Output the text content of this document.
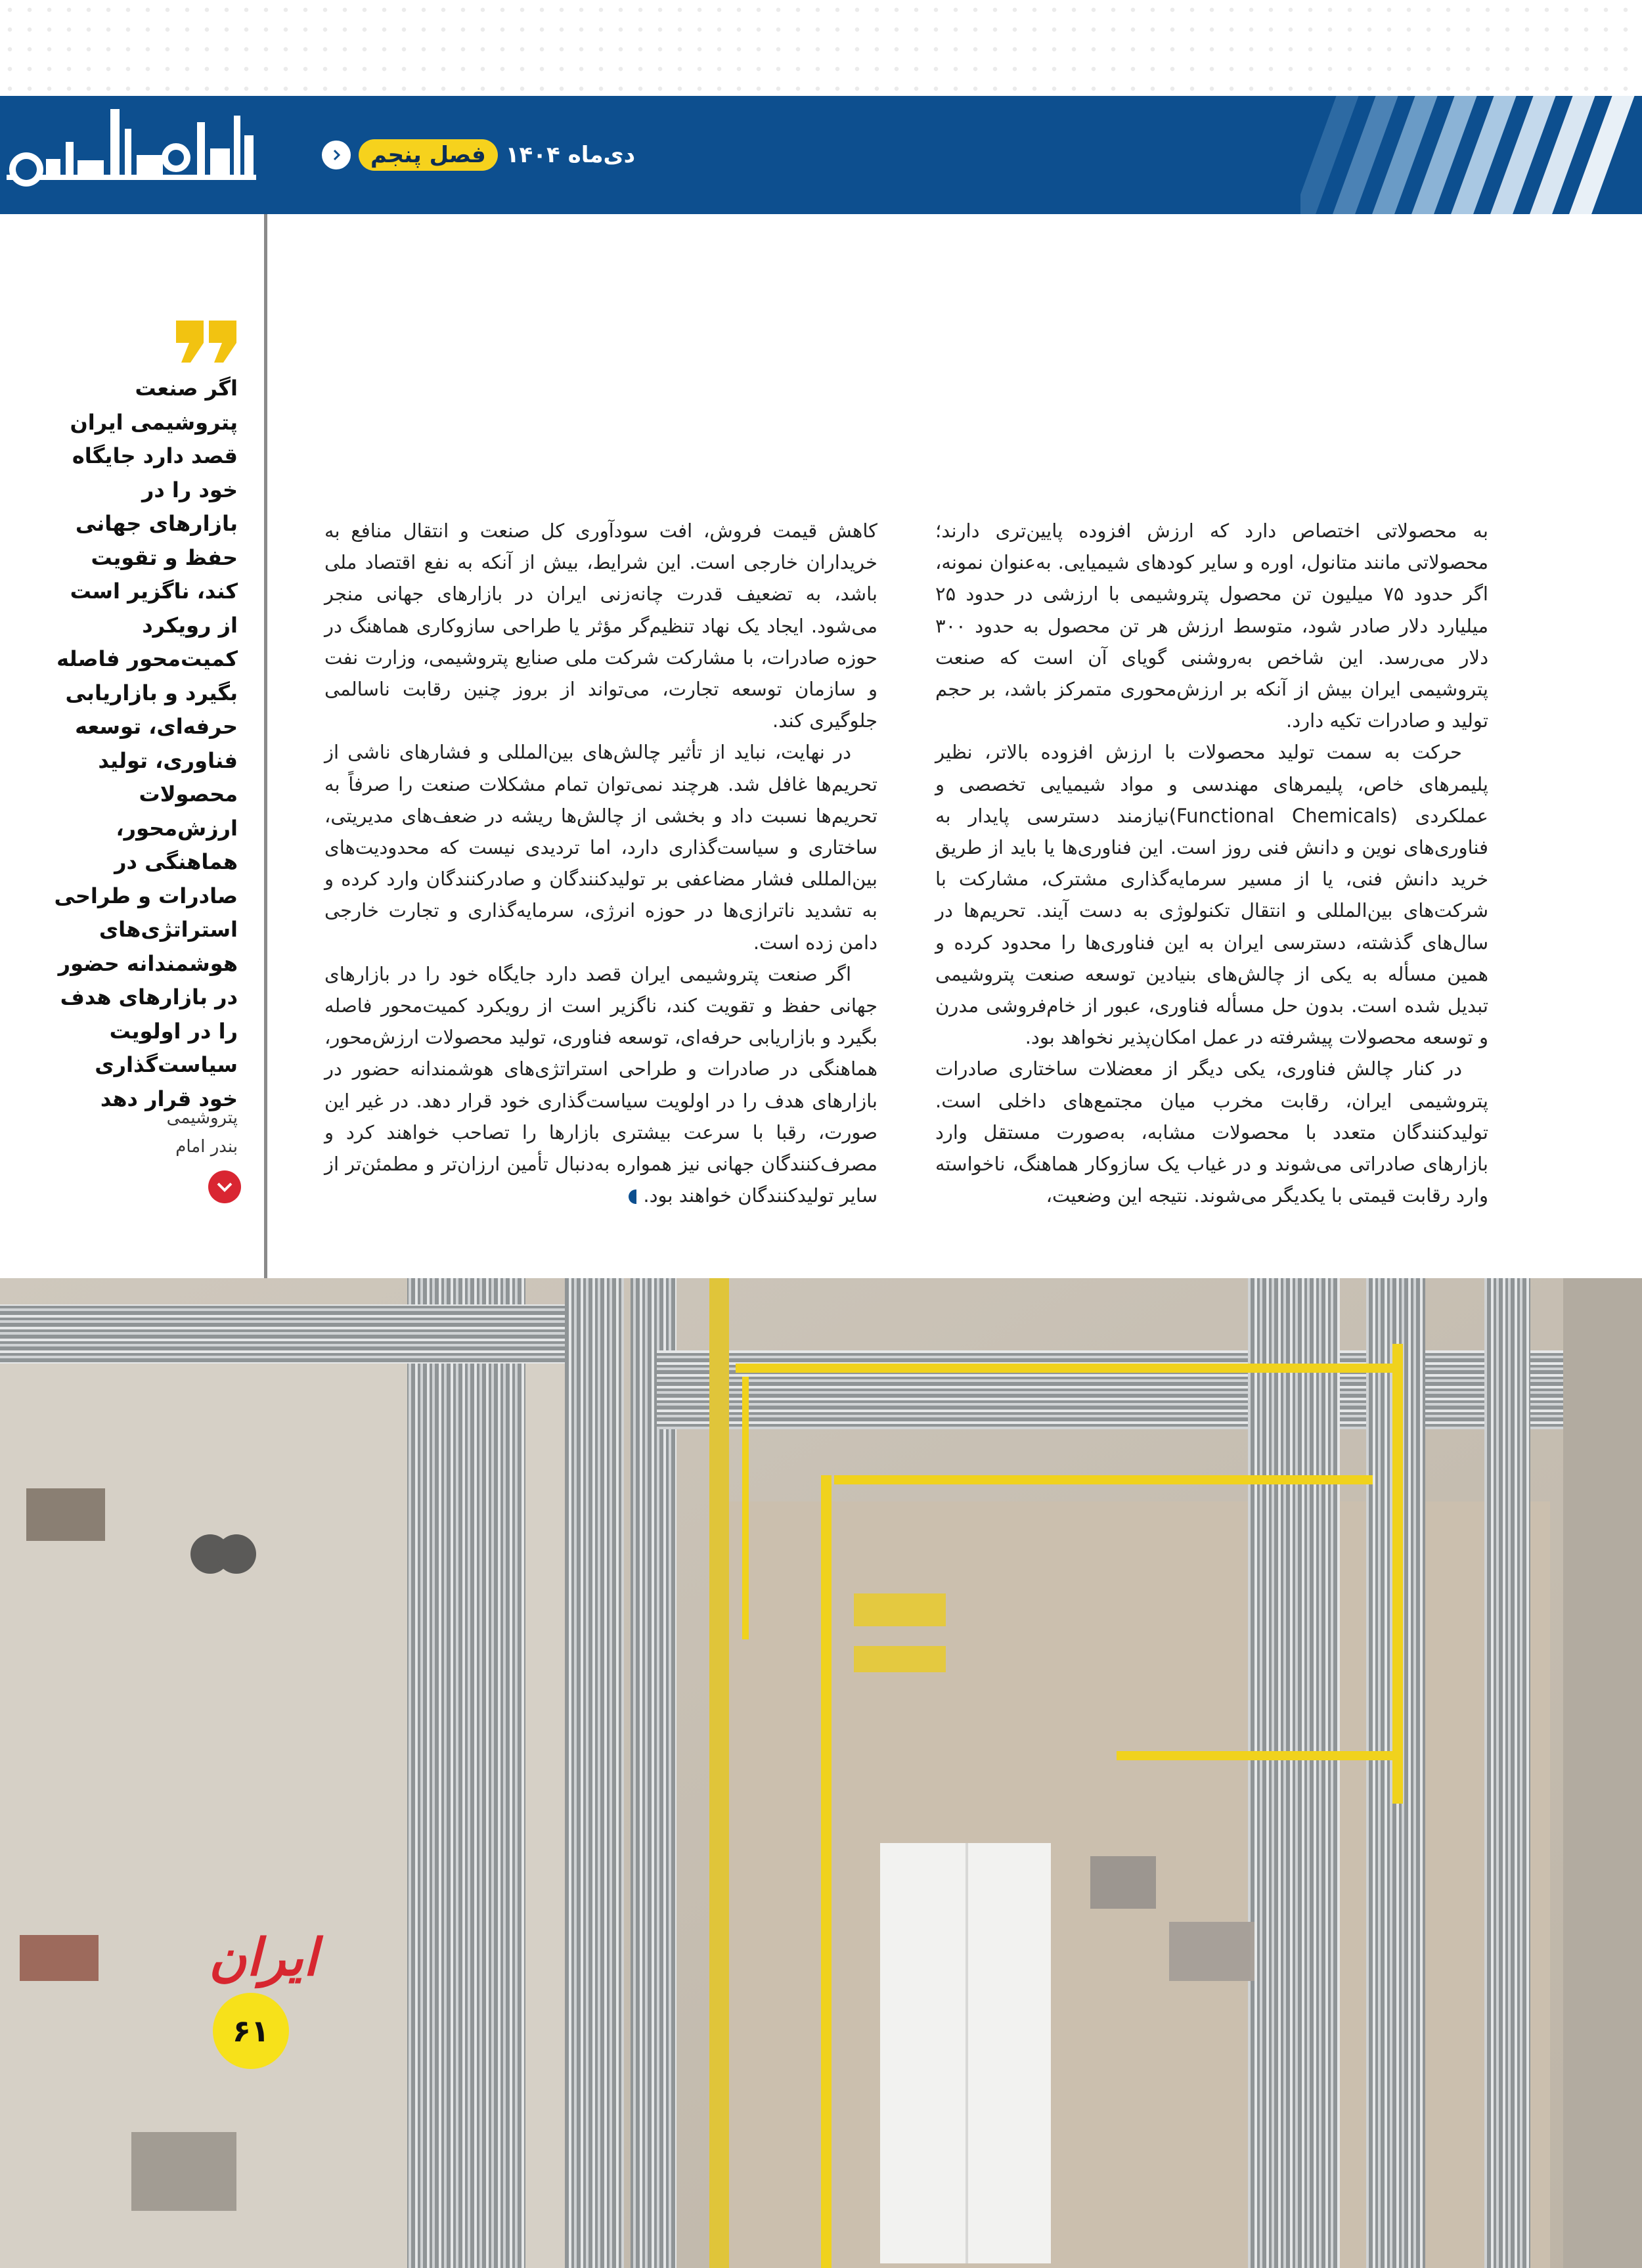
فصل پنجم دی‌ماه ۱۴۰۴
اگر صنعت پتروشیمی ایران قصد دارد جایگاه خود را در بازارهای جهانی حفظ و تقویت کند، ناگزیر است از رویکرد کمیت‌محور فاصله بگیرد و بازاریابی حرفه‌ای، توسعه فناوری، تولید محصولات ارزش‌محور، هماهنگی در صادرات و طراحی استراتژی‌های هوشمندانه حضور در بازارهای هدف را در اولویت سیاست‌گذاری خود قرار دهد
پتروشیمی
بندر امام

به محصولاتی اختصاص دارد که ارزش افزوده پایین‌تری دارند؛ محصولاتی مانند متانول، اوره و سایر کودهای شیمیایی. به‌عنوان نمونه، اگر حدود ۷۵ میلیون تن محصول پتروشیمی با ارزشی در حدود ۲۵ میلیارد دلار صادر شود، متوسط ارزش هر تن محصول به حدود ۳۰۰ دلار می‌رسد. این شاخص به‌روشنی گویای آن است که صنعت پتروشیمی ایران بیش از آنکه بر ارزش‌محوری متمرکز باشد، بر حجم تولید و صادرات تکیه دارد.

حرکت به سمت تولید محصولات با ارزش افزوده بالاتر، نظیر پلیمرهای خاص، پلیمرهای مهندسی و مواد شیمیایی تخصصی و عملکردی (Functional Chemicals)نیازمند دسترسی پایدار به فناوری‌های نوین و دانش فنی روز است. این فناوری‌ها یا باید از طریق خرید دانش فنی، یا از مسیر سرمایه‌گذاری مشترک، مشارکت با شرکت‌های بین‌المللی و انتقال تکنولوژی به دست آیند. تحریم‌ها در سال‌های گذشته، دسترسی ایران به این فناوری‌ها را محدود کرده و همین مسأله به یکی از چالش‌های بنیادین توسعه صنعت پتروشیمی تبدیل شده است. بدون حل مسأله فناوری، عبور از خام‌فروشی مدرن و توسعه محصولات پیشرفته در عمل امکان‌پذیر نخواهد بود.

در کنار چالش فناوری، یکی دیگر از معضلات ساختاری صادرات پتروشیمی ایران، رقابت مخرب میان مجتمع‌های داخلی است. تولیدکنندگان متعدد با محصولات مشابه، به‌صورت مستقل وارد بازارهای صادراتی می‌شوند و در غیاب یک سازوکار هماهنگ، ناخواسته وارد رقابت قیمتی با یکدیگر می‌شوند. نتیجه این وضعیت،

کاهش قیمت فروش، افت سودآوری کل صنعت و انتقال منافع به خریداران خارجی است. این شرایط، بیش از آنکه به نفع اقتصاد ملی باشد، به تضعیف قدرت چانه‌زنی ایران در بازارهای جهانی منجر می‌شود. ایجاد یک نهاد تنظیم‌گر مؤثر یا طراحی سازوکاری هماهنگ در حوزه صادرات، با مشارکت شرکت ملی صنایع پتروشیمی، وزارت نفت و سازمان توسعه تجارت، می‌تواند از بروز چنین رقابت ناسالمی جلوگیری کند.

در نهایت، نباید از تأثیر چالش‌های بین‌المللی و فشارهای ناشی از تحریم‌ها غافل شد. هرچند نمی‌توان تمام مشکلات صنعت را صرفاً به تحریم‌ها نسبت داد و بخشی از چالش‌ها ریشه در ضعف‌های مدیریتی، ساختاری و سیاست‌گذاری دارد، اما تردیدی نیست که محدودیت‌های بین‌المللی فشار مضاعفی بر تولیدکنندگان و صادرکنندگان وارد کرده و به تشدید ناترازی‌ها در حوزه انرژی، سرمایه‌گذاری و تجارت خارجی دامن زده است.

اگر صنعت پتروشیمی ایران قصد دارد جایگاه خود را در بازارهای جهانی حفظ و تقویت کند، ناگزیر است از رویکرد کمیت‌محور فاصله بگیرد و بازاریابی حرفه‌ای، توسعه فناوری، تولید محصولات ارزش‌محور، هماهنگی در صادرات و طراحی استراتژی‌های هوشمندانه حضور در بازارهای هدف را در اولویت سیاست‌گذاری خود قرار دهد. در غیر این صورت، رقبا با سرعت بیشتری بازارها را تصاحب خواهند کرد و مصرف‌کنندگان جهانی نیز همواره به‌دنبال تأمین ارزان‌تر و مطمئن‌تر از سایر تولیدکنندگان خواهند بود.

ایران
۶۱
